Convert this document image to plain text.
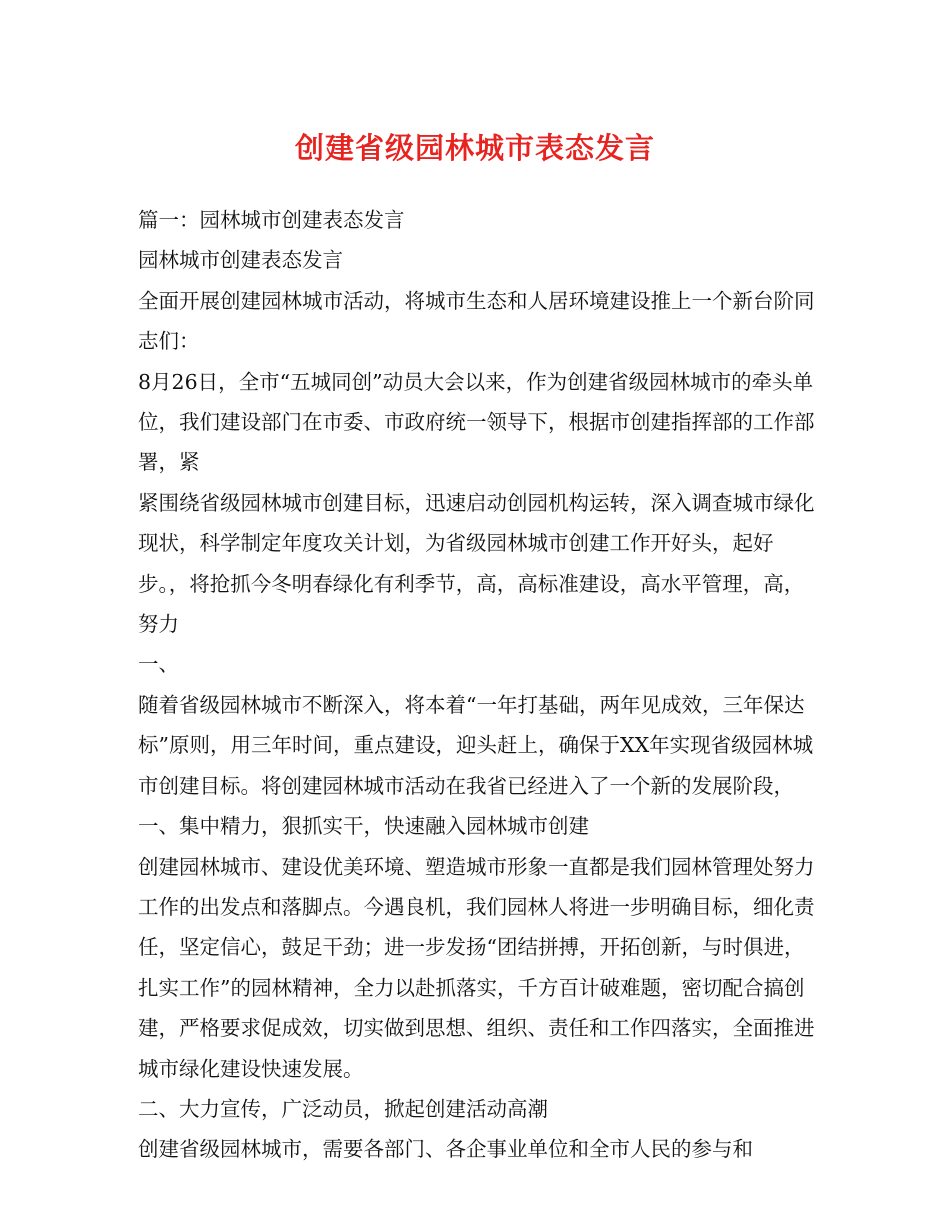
创建省级园林城市表态发言

篇一：园林城市创建表态发言

园林城市创建表态发言

全面开展创建园林城市活动，将城市生态和人居环境建设推上一个新台阶同志们：

8月26日，全市“五城同创”动员大会以来，作为创建省级园林城市的牵头单位，我们建设部门在市委、市政府统一领导下，根据市创建指挥部的工作部署，紧

紧围绕省级园林城市创建目标，迅速启动创园机构运转，深入调查城市绿化现状，科学制定年度攻关计划，为省级园林城市创建工作开好头，起好步。，将抢抓今冬明春绿化有利季节，高，高标准建设，高水平管理，高，努力

一、

随着省级园林城市不断深入，将本着“一年打基础，两年见成效，三年保达标”原则，用三年时间，重点建设，迎头赶上，确保于XX年实现省级园林城市创建目标。将创建园林城市活动在我省已经进入了一个新的发展阶段，

一、集中精力，狠抓实干，快速融入园林城市创建

创建园林城市、建设优美环境、塑造城市形象一直都是我们园林管理处努力工作的出发点和落脚点。今遇良机，我们园林人将进一步明确目标，细化责任，坚定信心，鼓足干劲；进一步发扬“团结拼搏，开拓创新，与时俱进，扎实工作”的园林精神，全力以赴抓落实，千方百计破难题，密切配合搞创建，严格要求促成效，切实做到思想、组织、责任和工作四落实，全面推进城市绿化建设快速发展。

二、大力宣传，广泛动员，掀起创建活动高潮

创建省级园林城市，需要各部门、各企事业单位和全市人民的参与和
